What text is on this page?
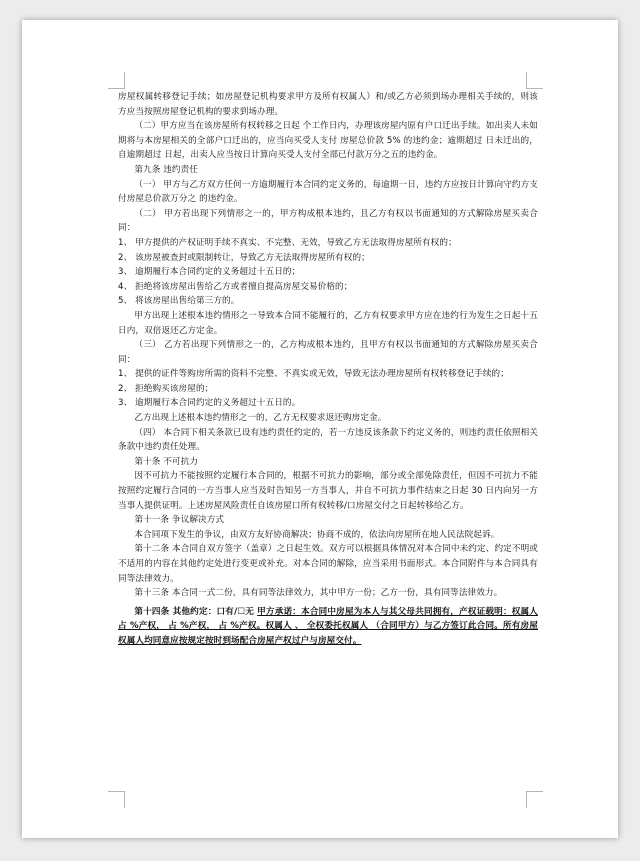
房屋权属转移登记手续；如房屋登记机构要求甲方及所有权属人）和/或乙方必须到场办理相关手续的，则该方应当按照房屋登记机构的要求到场办理。

（二）甲方应当在该房屋所有权转移之日起 个工作日内，办理该房屋内原有户口迁出手续。如出卖人未如期将与本房屋相关的全部户口迁出的，应当向买受人支付 房屋总价款 5% 的违约金；逾期超过 日未迁出的，自逾期超过 日起，出卖人应当按日计算向买受人支付全部已付款万分之五的违约金。

第九条 违约责任

（一） 甲方与乙方双方任何一方逾期履行本合同约定义务的，每逾期一日，违约方应按日计算向守约方支付房屋总价款万分之 的违约金。

（二） 甲方若出现下列情形之一的，甲方构成根本违约，且乙方有权以书面通知的方式解除房屋买卖合同：

1、 甲方提供的产权证明手续不真实、不完整、无效，导致乙方无法取得房屋所有权的；

2、 该房屋被查封或限制转让，导致乙方无法取得房屋所有权的；

3、 逾期履行本合同约定的义务超过十五日的；

4、 拒绝将该房屋出售给乙方或者擅自提高房屋交易价格的；

5、 将该房屋出售给第三方的。

甲方出现上述根本违约情形之一导致本合同不能履行的，乙方有权要求甲方应在违约行为发生之日起十五日内，双倍返还乙方定金。

（三） 乙方若出现下列情形之一的，乙方构成根本违约，且甲方有权以书面通知的方式解除房屋买卖合同：

1、 提供的证件等购房所需的资料不完整、不真实或无效，导致无法办理房屋所有权转移登记手续的；

2、 拒绝购买该房屋的；

3、 逾期履行本合同约定的义务超过十五日的。

乙方出现上述根本违约情形之一的，乙方无权要求返还购房定金。

（四） 本合同下相关条款已设有违约责任约定的，若一方违反该条款下约定义务的，则违约责任依照相关条款中违约责任处理。

第十条 不可抗力

因不可抗力不能按照约定履行本合同的，根据不可抗力的影响，部分或全部免除责任，但因不可抗力不能按照约定履行合同的一方当事人应当及时告知另一方当事人，并自不可抗力事件结束之日起 30 日内向另一方当事人提供证明。上述房屋风险责任自该房屋口所有权转移/口房屋交付之日起转移给乙方。

第十一条 争议解决方式

本合同项下发生的争议，由双方友好协商解决；协商不成的，依法向房屋所在地人民法院起诉。

第十二条 本合同自双方签字（盖章）之日起生效。双方可以根据具体情况对本合同中未约定、约定不明或不适用的内容在其他约定处进行变更或补充。对本合同的解除，应当采用书面形式。本合同附件与本合同具有同等法律效力。

第十三条 本合同一式二份，具有同等法律效力，其中甲方一份；乙方一份，具有同等法律效力。

第十四条 其他约定：口有/☐无 甲方承诺：本合同中房屋为本人与其父母共同拥有，产权证载明：权属人 占 %产权， 占 %产权， 占 %产权。权属人 、 全权委托权属人 （合同甲方）与乙方签订此合同。所有房屋权属人均同意应按规定按时到场配合房屋产权过户与房屋交付。
